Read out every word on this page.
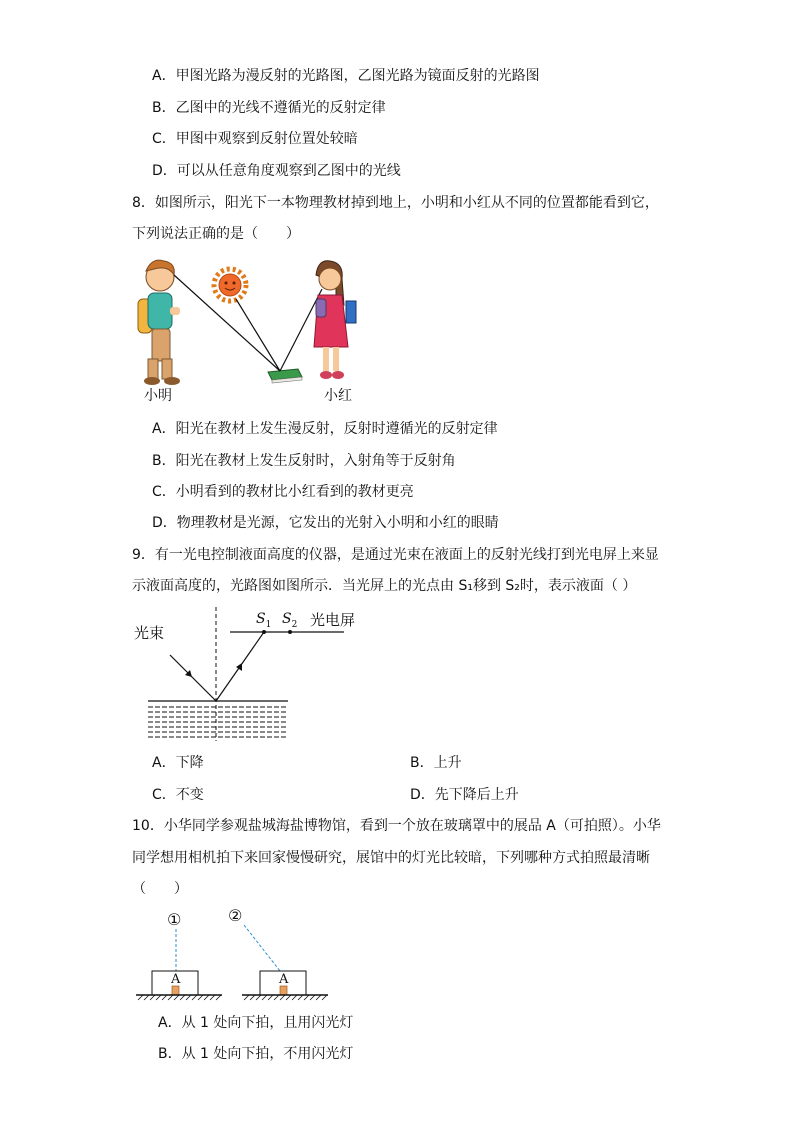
A．甲图光路为漫反射的光路图，乙图光路为镜面反射的光路图
B．乙图中的光线不遵循光的反射定律
C．甲图中观察到反射位置处较暗
D．可以从任意角度观察到乙图中的光线
8．如图所示，阳光下一本物理教材掉到地上，小明和小红从不同的位置都能看到它，
下列说法正确的是（　　）
小明	小红
A．阳光在教材上发生漫反射，反射时遵循光的反射定律
B．阳光在教材上发生反射时，入射角等于反射角
C．小明看到的教材比小红看到的教材更亮
D．物理教材是光源，它发出的光射入小明和小红的眼睛
9．有一光电控制液面高度的仪器，是通过光束在液面上的反射光线打到光电屏上来显
示液面高度的，光路图如图所示．当光屏上的光点由 S₁移到 S₂时，表示液面（ ）
光束
$S_1$ $S_2$ 光电屏
A．下降	B．上升
C．不变	D．先下降后上升
10．小华同学参观盐城海盐博物馆，看到一个放在玻璃罩中的展品 A（可拍照）。小华
同学想用相机拍下来回家慢慢研究，展馆中的灯光比较暗，下列哪种方式拍照最清晰
（　　）
①	②
A	A
A．从 1 处向下拍，且用闪光灯
B．从 1 处向下拍，不用闪光灯
